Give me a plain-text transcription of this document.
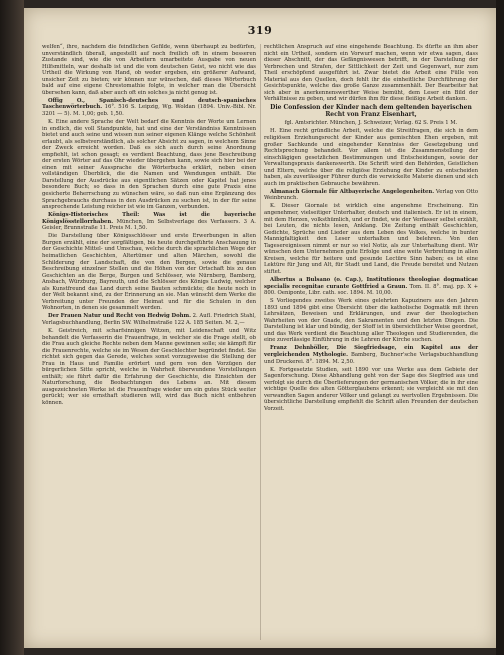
319

welfen“, ihre, nachdem die feindlichen Gefilde, wenn überhaupt zu bedürfen, unverständlich überall, angestellt auf noch freilich oft in einem besseren Zustande sind, wie die von Arbeitern umarbeitete Ausgabe von neuen Hilfsmitteln, war deshalb ist und die vom deutschen Geist, wo nicht wie das Urtheil die Wirkung von Hand, ob weder ergeben, ein größerer Aufwand, unsicher Zeit zu bieten; wir können nur wünschen, daß dieses Wörterbuch bald auf eine eigene Chrestomathie folgte, in welcher man die Übersicht übersehen kann, daß aber auch oft ein solches ja nicht genug ist.

Offig O., Spanisch-deutsches und deutsch-spanisches Taschenwörterbuch. 16°. 516 S. Leipzig, Wg. Woldan (1894. Univ.-Bibl. Nr. 3201 — 5). M. 1,00; geb. 1,50.

K. Eine andere Sprache der Welt bedarf die Kenntnis der Worte um Lernen in endlich, die voll Standpunkte, hat und eine der Verständniss Kenntnissen bietet und auch seine und wissen nun seiner eigenen Klänge welche Schönheit erlaubt, als selbstverständlich, als solcher Absicht zu sagen, in welchem Sinne der Zweck erreicht worden. Daß es sich auch durch seine Anordnung empfiehlt, ist schon gesagt; es verdient Beachtung, dass jene Beschreibung der ersten Wörter auf das Ohr wieder übergehen kann, sowie sich hier bei der einen mit seiner Aussprache die Wörterbuchs erklärt, neben einen vollständigen Überblick, die die Namen und Wendungen enthält. Die Darstellung der Ausdrücke aus eigentlichen Sätzen oder Kapitel hat jenes besondere Buch; so dass in den Sprachen durch eine gute Praxis eine gesicherte Beherrschung zu wünschen wäre, so daß nun eine Ergänzung des Sprachgebrauchs durchaus in den Ausdrücken zu suchen ist, in der für seine ansprechende Leistung reicher ist wie im Ganzen, verbunden.

Königs-Historisches Theil: Was ist die bayerische Königslösstellorrhaben. München, Im Selbstverlage des Verfassers. 3 A. Geisler, Brunnstraße 11. Preis M. 1,50.

Die Darstellung über Königsschlösser und erste Erwerbungen in alten Burgen erzählt, eine der sorgfältigen, bis heute durchgeführte Anschauung in der Geschichte Mittel- und Umschau, welche durch die sprachlichen Wege der heimatlichen Geschichten, Altertümer und alten Märchen, sowohl die Schilderung der Landschaft, die von den Bergen, sowie die genaue Beschreibung einzelner Stellen und die Höhen von der Ortschaft bis zu den Geschichten an die Berge, Burgen und Schlösser, wie Nürnberg, Bamberg, Ansbach, Würzburg, Bayreuth, und die Schlösser des Königs Ludwig, welcher als Kunstfreund das Land durch seine Bauten schmückte; die heute noch in der Welt bekannt sind, zu der Erinnerung an sie. Man wünscht dem Werke die Verbreitung unter Freunden der Heimat und für die Schulen in den Wohnorten, in denen sie gesammelt werden.

Der Frauen Natur und Recht von Hedwig Dohm. 2. Aufl. Friedrich Stahl, Verlagsbuchhandlung, Berlin SW. Wilhelmstraße 122 A. 185 Seiten. M. 2,—

K. Geistreich, mit scharfsinnigen Witzen, mit Leidenschaft und Witz behandelt die Verfasserin die Frauenfrage, in welcher sie die Frage stellt, ob die Frau auch gleiche Rechte neben dem Manne gewinnen solle; sie kämpft für die Frauenrechte, welche sie im Wesen der Geschlechter begründet findet. Sie richtet sich gegen das Gerede, welches sonst vorzugsweise die Stellung der Frau in Haus und Familie erörtert und gern von den Vorzügen der bürgerlichen Sitte spricht, welche in Wahrheit überwundene Vorstellungen enthält; sie führt dafür die Erfahrung der Geschichte, die Einsichten der Naturforschung, die Beobachtungen des Lebens an. Mit diesem ausgezeichneten Werke ist die Frauenfrage wieder um ein gutes Stück weiter gerückt; wer sie ernsthaft studieren will, wird das Buch nicht entbehren können.

rechtlichen Anspruch auf eine eingehende Beachtung. Es dürfte an ihm aber nicht ein Urtheil, sondern ein Vorwurf machen, wenn wir etwa sagen, dass dieser Abschnitt, der das Gefängniswesen betrifft, in der Darstellung der Verbrechen und Strafen, der Sittlichkeit der Zeit und Gegenwart, nur zum Theil erschöpfend ausgeführt ist. Zwar bietet die Arbeit eine Fülle von Material aus den Quellen, doch fehlt ihr die einheitliche Durchführung der Gesichtspunkte, welche das große Ganze zusammenhält. Der Bearbeiter hat sich aber in anerkennenswerther Weise bemüht, dem Leser ein Bild der Verhältnisse zu geben, und wir dürfen ihm für diese fleißige Arbeit danken.

Die Confession der Kinder nach dem geltenden bayerischen Recht von Franz Eisenhart,

fgl. Amtsrichter. München, J. Schweizer, Verlag. 62 S. Preis 1 M.

H. Eine recht gründliche Arbeit, welche die Streitfragen, die sich in dem religiösen Erziehungsrecht der Kinder aus gemischten Ehen ergeben, mit großer Sachkunde und eingehender Kenntniss der Gesetzgebung und Rechtsprechung behandelt. Vor allem ist die Zusammenstellung der einschlägigen gesetzlichen Bestimmungen und Entscheidungen, sowie der Verwaltungspraxis dankenswerth. Die Schrift wird den Behörden, Geistlichen und Eltern, welche über die religiöse Erziehung der Kinder zu entscheiden haben, als zuverlässiger Führer durch die verwickelte Materie dienen und sich auch im praktischen Gebrauche bewähren.

Almanach Giornale für Altbayerische Angelegenheiten. Verlag von Otto Weinbrunch.

K. Dieser Giornale ist wirklich eine angenehme Erscheinung. Ein angenehmer, vielseitiger Unterhalter, deutsch und italienisch. Er ist in einem, mit dem Herzen, volksthümlich, und er findet, wie der Verfasser selbst erzählt, bei Leuten, die nichts lesen, Anklang. Die Zeitung enthält Geschichten, Gedichte, Sprüche und Lieder aus dem Leben des Volkes, welche in bunter Mannigfaltigkeit den Leser unterhalten und belehren. Von den Tagesereignissen nimmt er nur so viel Notiz, als zur Unterhaltung dient. Wir wünschen dem Unternehmen gute Erfolge und eine weite Verbreitung in allen Kreisen, welche für heitere und gesunde Lectüre Sinn haben; es ist eine Lektüre für Jung und Alt, für Stadt und Land, die Freude bereitet und Nutzen stiftet.

Albertus a Bulsano (o. Cap.), Institutiones theologiae dogmaticae specialis recognitae curante Gottfried a Graun. Tom. II. 8°. maj. pp. X + 800. Oeniponte, Libr. cath. soc. 1894. M. 10,00.

S Vorliegendes zweites Werk eines gelehrten Kapuziners aus den Jahren 1893 und 1894 gibt eine Übersicht über die katholische Dogmatik mit ihren Lehrsätzen, Beweisen und Erklärungen, und zwar der theologischen Wahrheiten von der Gnade, den Sakramenten und den letzten Dingen. Die Darstellung ist klar und bündig, der Stoff ist in übersichtlicher Weise geordnet, und das Werk verdient die Beachtung aller Theologen und Studierenden, die eine zuverlässige Einführung in die Lehren der Kirche suchen.

Franz Dehnböller, Die Siegfriedsage, ein Kapitel aus der vergleichenden Mythologie. Bamberg, Buchner'sche Verlagsbuchhandlung und Druckerei. 8°. 1894. M. 2,50.

K. Fortgesetzte Studien, seit 1890 vor uns Werke aus dem Gebiete der Sagenforschung. Diese Abhandlung geht von der Sage des Siegfried aus und verfolgt sie durch die Überlieferungen der germanischen Völker, die in ihr eine wichtige Quelle des alten Götterglaubens erkennt; sie vergleicht sie mit den verwandten Sagen anderer Völker und gelangt zu wertvollen Ergebnissen. Die übersichtliche Darstellung empfiehlt die Schrift allen Freunden der deutschen Vorzeit.
